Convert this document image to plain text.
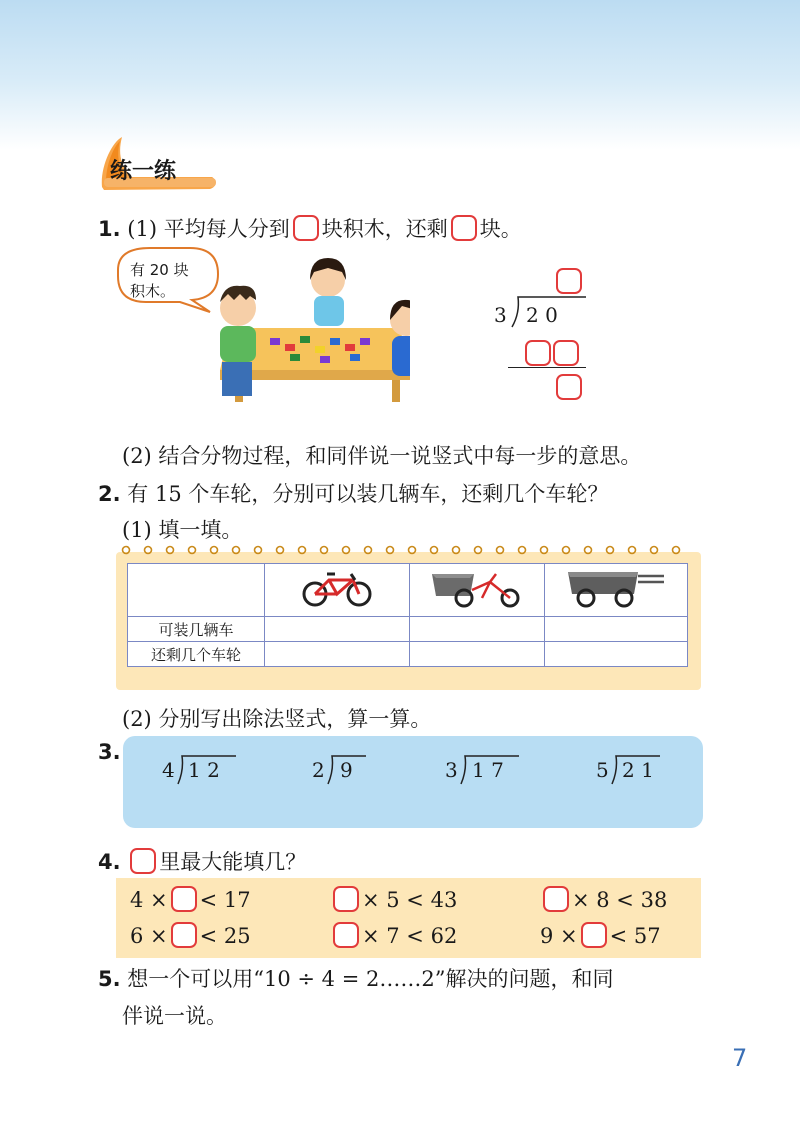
练一练
1. (1) 平均每人分到 块积木，还剩 块。
有 20 块积木。
3 2 0
(2) 结合分物过程，和同伴说一说竖式中每一步的意思。
2. 有 15 个车轮，分别可以装几辆车，还剩几个车轮？
(1) 填一填。

可装几辆车			
还剩几个车轮			
(2) 分别写出除法竖式，算一算。
3.
4 1 2	2 9	3 1 7	5 2 1
4. 里最大能填几？
4 × < 17	× 5 < 43	× 8 < 38
6 × < 25	× 7 < 62	9 × < 57
5. 想一个可以用“10 ÷ 4 = 2……2”解决的问题，和同
伴说一说。
7
